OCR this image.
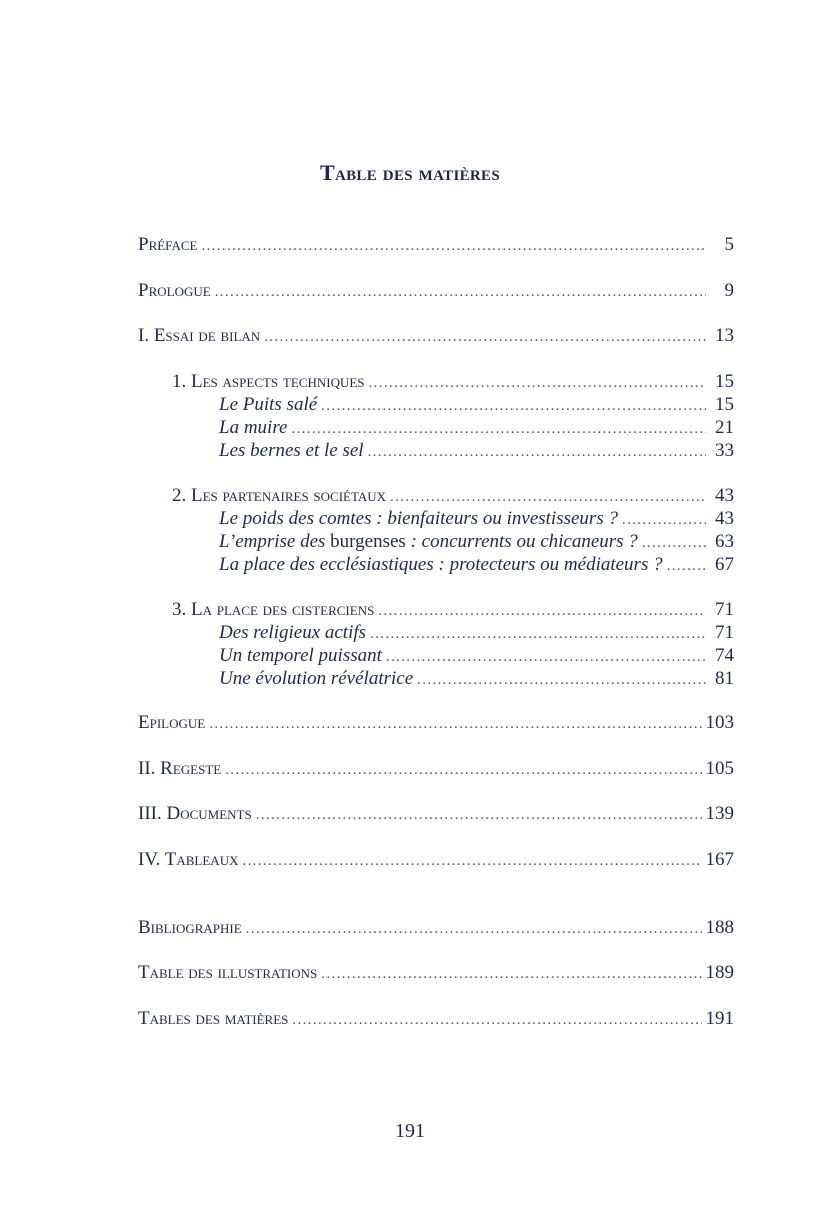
Table des matières
Préface . . .	5
Prologue . . .	9
I. Essai de bilan . . .	13
1. Les aspects techniques . . .	15
Le Puits salé . . .	15
La muire . . .	21
Les bernes et le sel . . .	33
2. Les partenaires sociétaux . . .	43
Le poids des comtes : bienfaiteurs ou investisseurs ? . . .	43
L’emprise des burgenses : concurrents ou chicaneurs ? . . .	63
La place des ecclésiastiques : protecteurs ou médiateurs ? . . .	67
3. La place des cisterciens . . .	71
Des religieux actifs . . .	71
Un temporel puissant . . .	74
Une évolution révélatrice . . .	81
Epilogue . . .	103
II. Regeste . . .	105
III. Documents . . .	139
IV. Tableaux . . .	167
Bibliographie . . .	188
Table des illustrations . . .	189
Tables des matières . . .	191
191
